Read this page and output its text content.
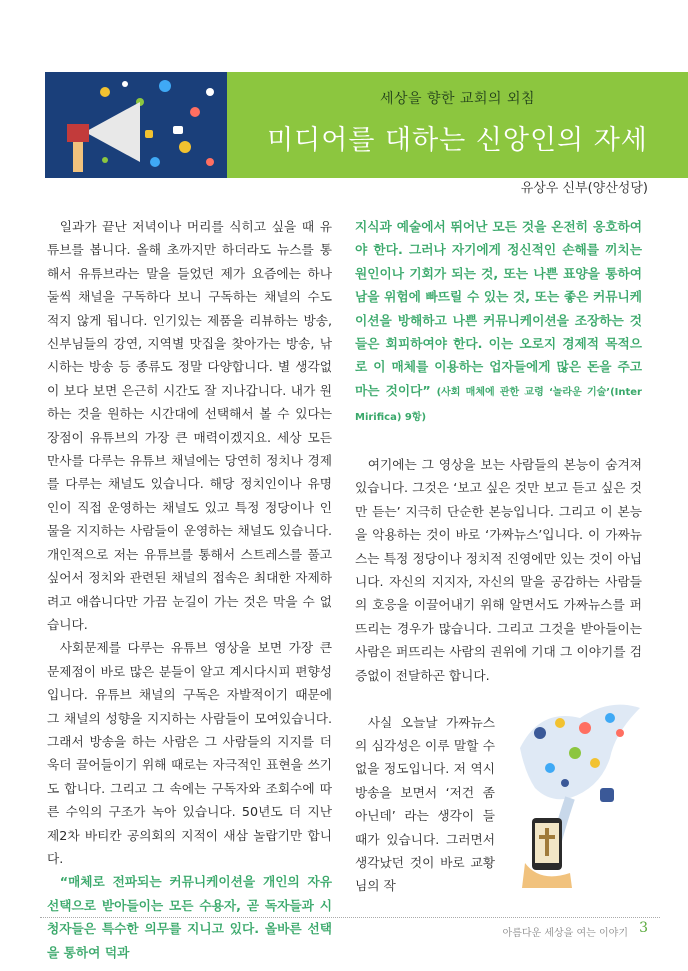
세상을 향한 교회의 외침
미디어를 대하는 신앙인의 자세
유상우 신부(양산성당)

일과가 끝난 저녁이나 머리를 식히고 싶을 때 유튜브를 봅니다. 올해 초까지만 하더라도 뉴스를 통해서 유튜브라는 말을 들었던 제가 요즘에는 하나 둘씩 채널을 구독하다 보니 구독하는 채널의 수도 적지 않게 됩니다. 인기있는 제품을 리뷰하는 방송, 신부님들의 강연, 지역별 맛집을 찾아가는 방송, 낚시하는 방송 등 종류도 정말 다양합니다. 별 생각없이 보다 보면 은근히 시간도 잘 지나갑니다. 내가 원하는 것을 원하는 시간대에 선택해서 볼 수 있다는 장점이 유튜브의 가장 큰 매력이겠지요. 세상 모든 만사를 다루는 유튜브 채널에는 당연히 정치나 경제를 다루는 채널도 있습니다. 해당 정치인이나 유명인이 직접 운영하는 채널도 있고 특정 정당이나 인물을 지지하는 사람들이 운영하는 채널도 있습니다. 개인적으로 저는 유튜브를 통해서 스트레스를 풀고 싶어서 정치와 관련된 채널의 접속은 최대한 자제하려고 애씁니다만 가끔 눈길이 가는 것은 막을 수 없습니다.

사회문제를 다루는 유튜브 영상을 보면 가장 큰 문제점이 바로 많은 분들이 알고 계시다시피 편향성입니다. 유튜브 채널의 구독은 자발적이기 때문에 그 채널의 성향을 지지하는 사람들이 모여있습니다. 그래서 방송을 하는 사람은 그 사람들의 지지를 더욱더 끌어들이기 위해 때로는 자극적인 표현을 쓰기도 합니다. 그리고 그 속에는 구독자와 조회수에 따른 수익의 구조가 녹아 있습니다. 50년도 더 지난 제2차 바티칸 공의회의 지적이 새삼 놀랍기만 합니다.

“매체로 전파되는 커뮤니케이션을 개인의 자유 선택으로 받아들이는 모든 수용자, 곧 독자들과 시청자들은 특수한 의무를 지니고 있다. 올바른 선택을 통하여 덕과

지식과 예술에서 뛰어난 모든 것을 온전히 옹호하여야 한다. 그러나 자기에게 정신적인 손해를 끼치는 원인이나 기회가 되는 것, 또는 나쁜 표양을 통하여 남을 위험에 빠뜨릴 수 있는 것, 또는 좋은 커뮤니케이션을 방해하고 나쁜 커뮤니케이션을 조장하는 것들은 회피하여야 한다. 이는 오로지 경제적 목적으로 이 매체를 이용하는 업자들에게 많은 돈을 주고 마는 것이다” (사회 매체에 관한 교령 ‘놀라운 기술’(Inter Mirifica) 9항)

여기에는 그 영상을 보는 사람들의 본능이 숨겨져 있습니다. 그것은 ‘보고 싶은 것만 보고 듣고 싶은 것만 듣는’ 지극히 단순한 본능입니다. 그리고 이 본능을 악용하는 것이 바로 ‘가짜뉴스’입니다. 이 가짜뉴스는 특정 정당이나 정치적 진영에만 있는 것이 아닙니다. 자신의 지지자, 자신의 말을 공감하는 사람들의 호응을 이끌어내기 위해 알면서도 가짜뉴스를 퍼뜨리는 경우가 많습니다. 그리고 그것을 받아들이는 사람은 퍼뜨리는 사람의 권위에 기대 그 이야기를 검증없이 전달하곤 합니다.

사실 오늘날 가짜뉴스의 심각성은 이루 말할 수 없을 정도입니다. 저 역시 방송을 보면서 ‘저건 좀 아닌데’ 라는 생각이 들 때가 있습니다. 그러면서 생각났던 것이 바로 교황님의 작

아름다운 세상을 여는 이야기 3
